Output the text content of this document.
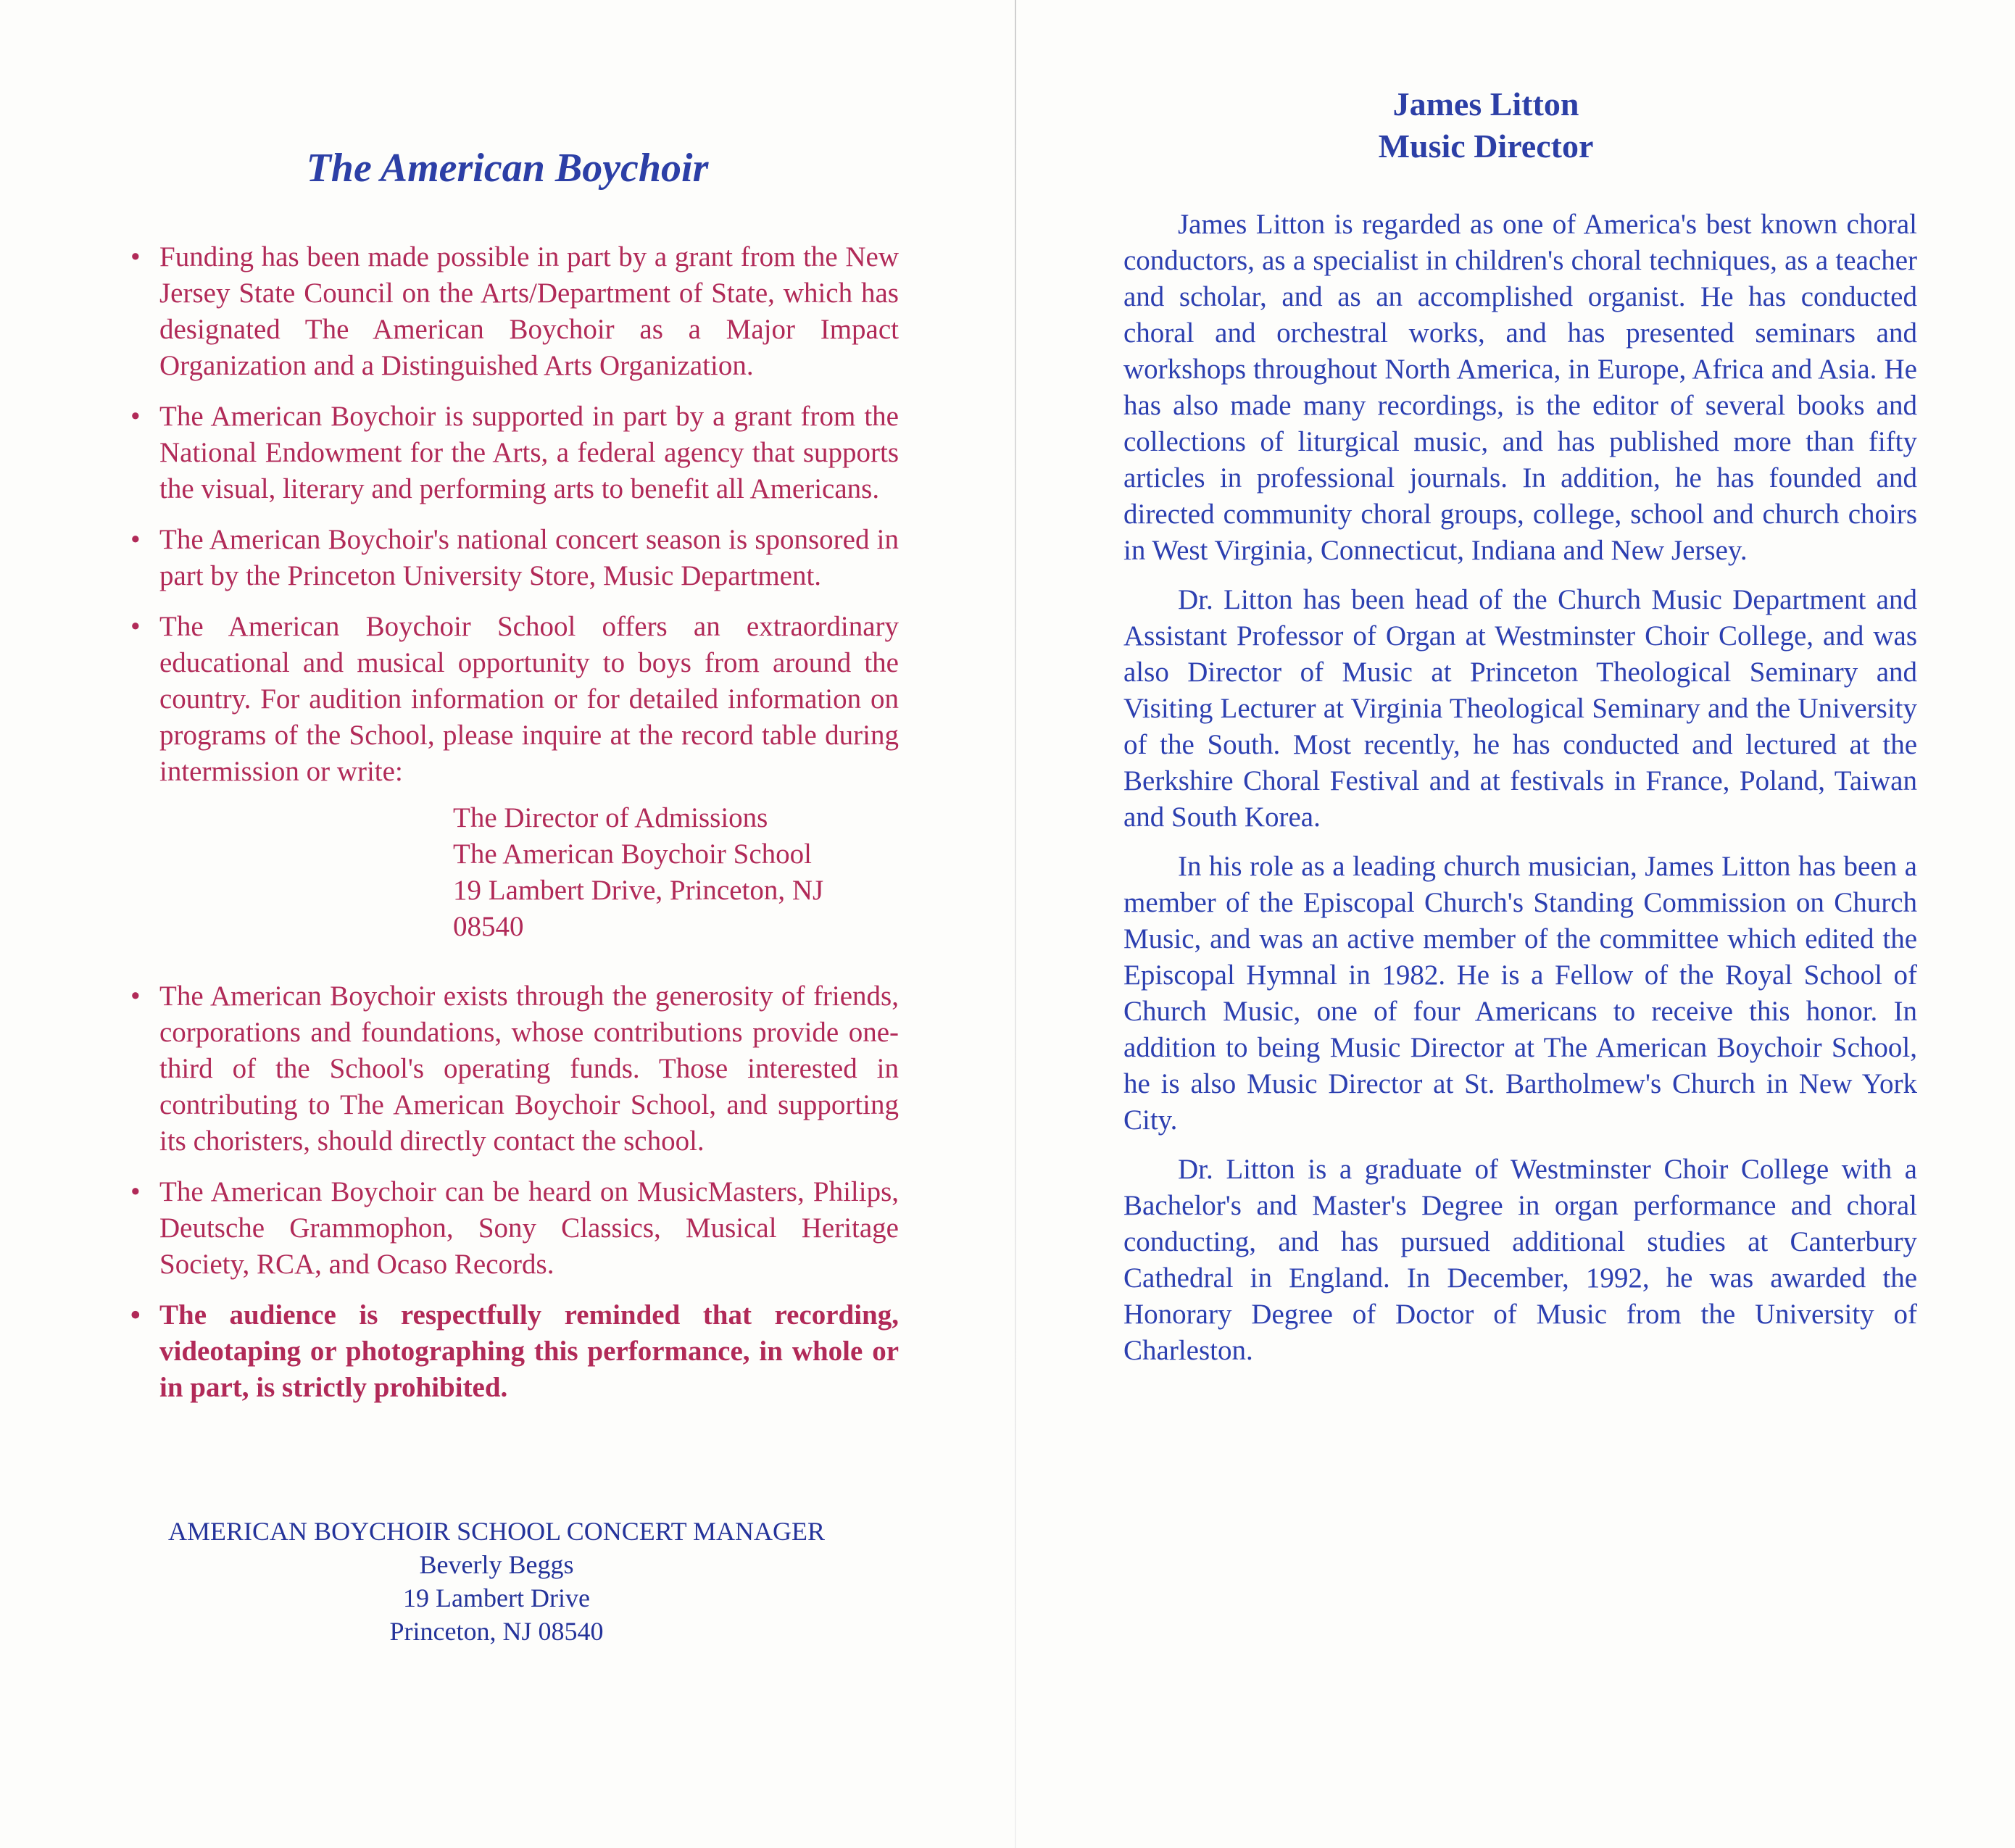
The American Boychoir
• Funding has been made possible in part by a grant from the New Jersey State Council on the Arts/Department of State, which has designated The American Boychoir as a Major Impact Organization and a Distinguished Arts Organization.
• The American Boychoir is supported in part by a grant from the National Endowment for the Arts, a federal agency that supports the visual, literary and performing arts to benefit all Americans.
• The American Boychoir's national concert season is sponsored in part by the Princeton University Store, Music Department.
• The American Boychoir School offers an extraordinary educational and musical opportunity to boys from around the country. For audition information or for detailed information on programs of the School, please inquire at the record table during intermission or write:
The Director of Admissions
The American Boychoir School
19 Lambert Drive, Princeton, NJ 08540
• The American Boychoir exists through the generosity of friends, corporations and foundations, whose contributions provide one-third of the School's operating funds. Those interested in contributing to The American Boychoir School, and supporting its choristers, should directly contact the school.
• The American Boychoir can be heard on MusicMasters, Philips, Deutsche Grammophon, Sony Classics, Musical Heritage Society, RCA, and Ocaso Records.
• The audience is respectfully reminded that recording, videotaping or photographing this performance, in whole or in part, is strictly prohibited.
AMERICAN BOYCHOIR SCHOOL CONCERT MANAGER
Beverly Beggs
19 Lambert Drive
Princeton, NJ 08540
James Litton
Music Director

James Litton is regarded as one of America's best known choral conductors, as a specialist in children's choral techniques, as a teacher and scholar, and as an accomplished organist. He has conducted choral and orchestral works, and has presented seminars and workshops throughout North America, in Europe, Africa and Asia. He has also made many recordings, is the editor of several books and collections of liturgical music, and has published more than fifty articles in professional journals. In addition, he has founded and directed community choral groups, college, school and church choirs in West Virginia, Connecticut, Indiana and New Jersey.

Dr. Litton has been head of the Church Music Department and Assistant Professor of Organ at Westminster Choir College, and was also Director of Music at Princeton Theological Seminary and Visiting Lecturer at Virginia Theological Seminary and the University of the South. Most recently, he has conducted and lectured at the Berkshire Choral Festival and at festivals in France, Poland, Taiwan and South Korea.

In his role as a leading church musician, James Litton has been a member of the Episcopal Church's Standing Commission on Church Music, and was an active member of the committee which edited the Episcopal Hymnal in 1982. He is a Fellow of the Royal School of Church Music, one of four Americans to receive this honor. In addition to being Music Director at The American Boychoir School, he is also Music Director at St. Bartholmew's Church in New York City.

Dr. Litton is a graduate of Westminster Choir College with a Bachelor's and Master's Degree in organ performance and choral conducting, and has pursued additional studies at Canterbury Cathedral in England. In December, 1992, he was awarded the Honorary Degree of Doctor of Music from the University of Charleston.
